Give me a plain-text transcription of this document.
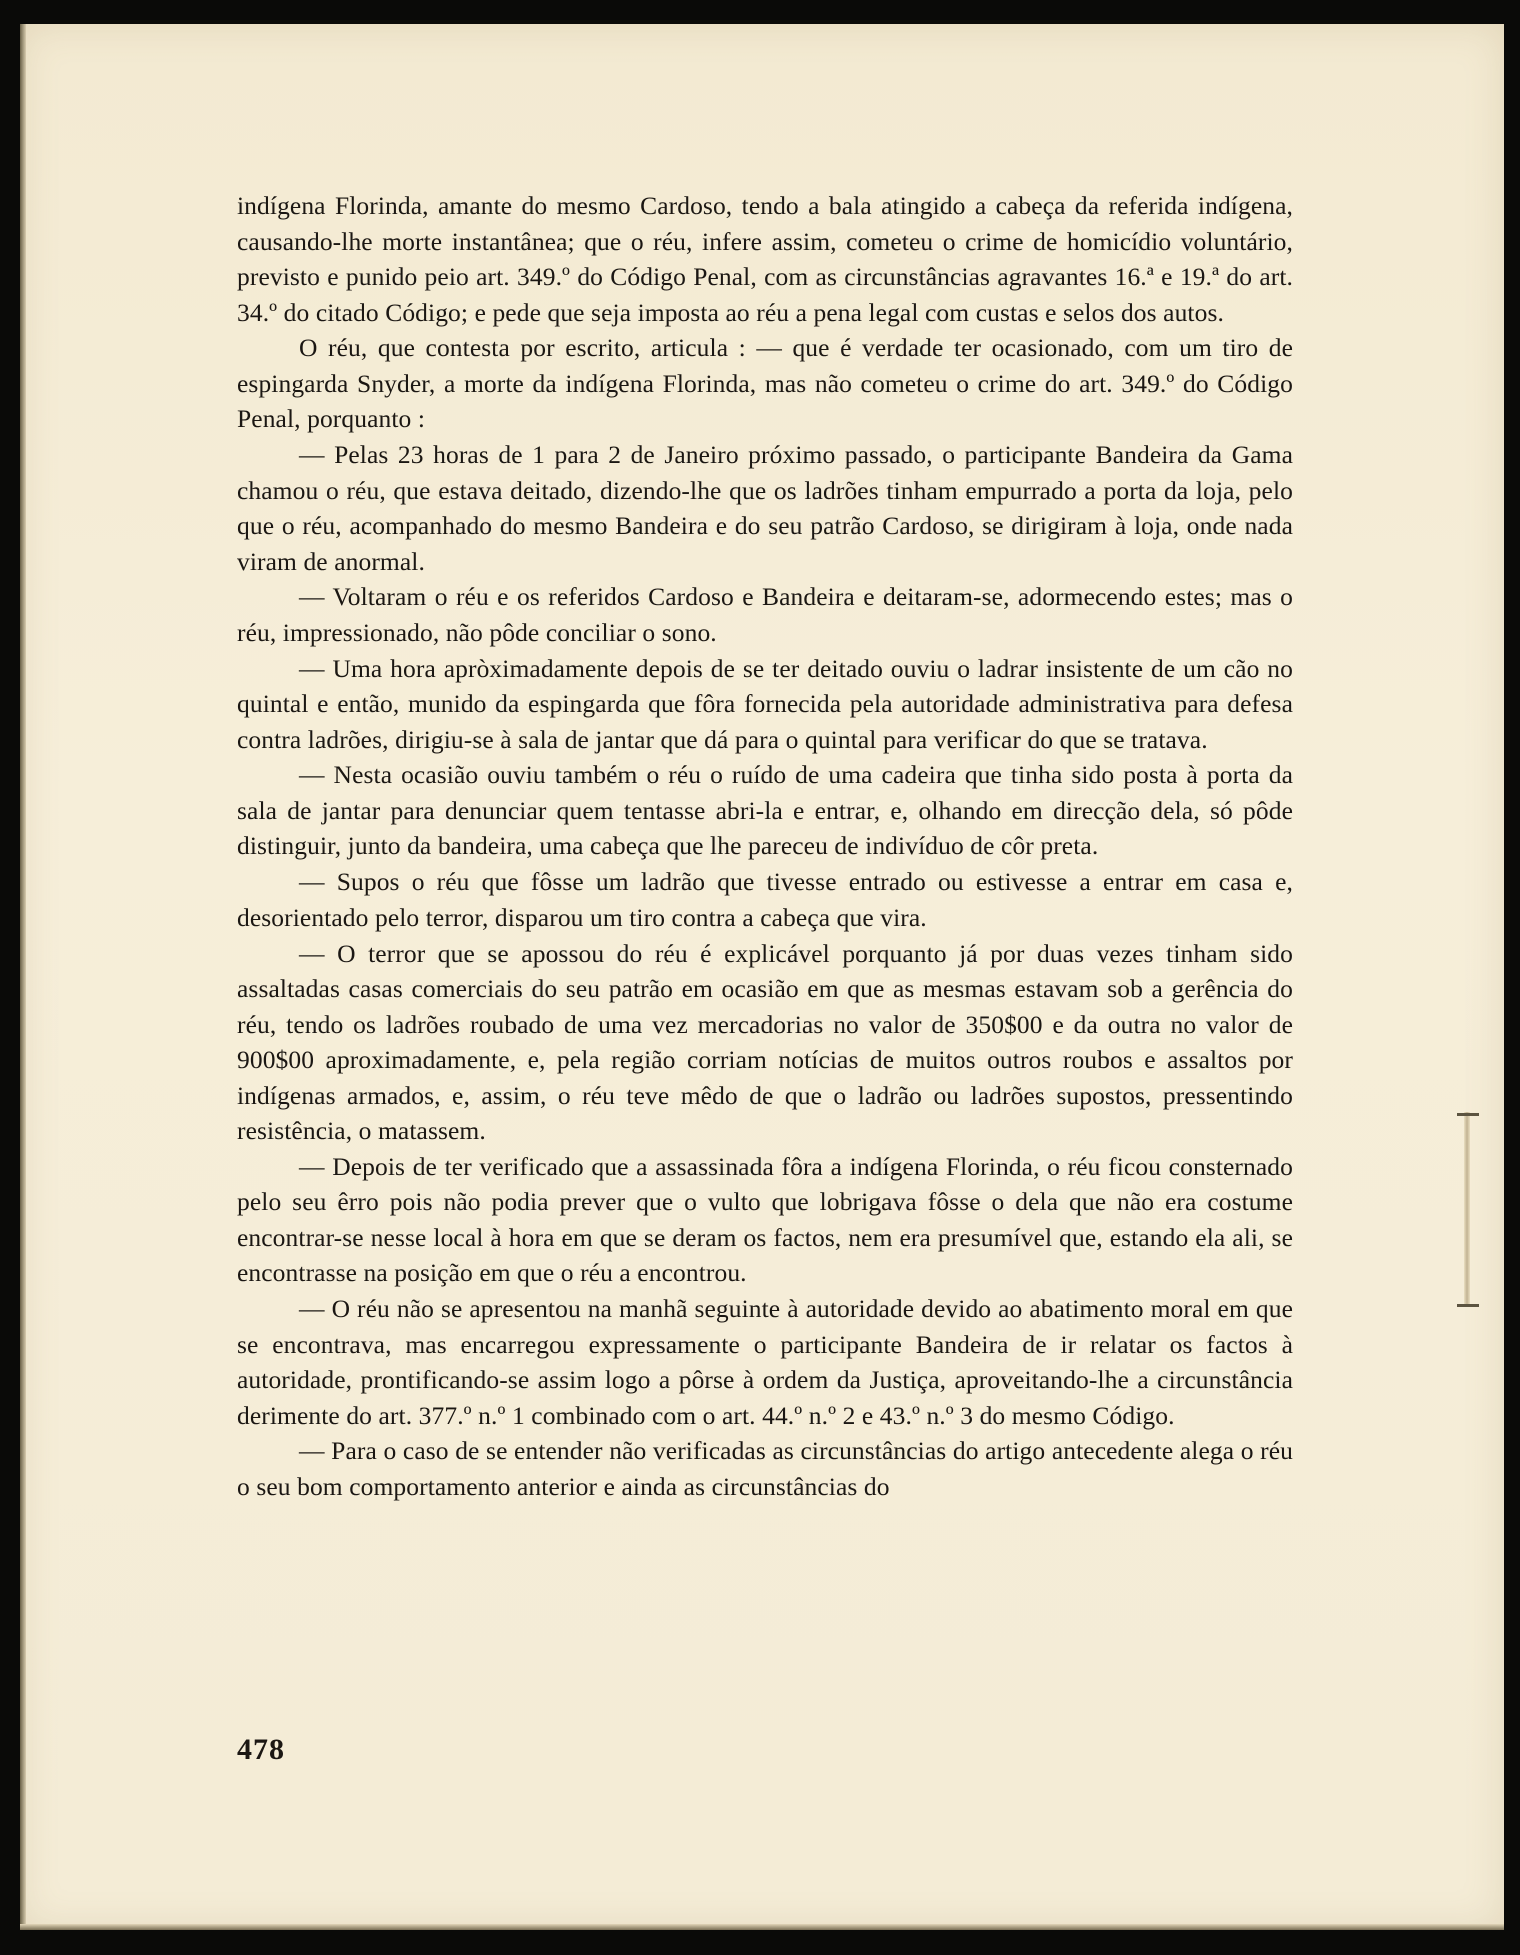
indígena Florinda, amante do mesmo Cardoso, tendo a bala atingido a cabeça da referida indígena, causando-lhe morte instantânea; que o réu, infere assim, cometeu o crime de homicídio voluntário, previsto e punido peio art. 349.º do Código Penal, com as circunstâncias agravantes 16.ª e 19.ª do art. 34.º do citado Código; e pede que seja imposta ao réu a pena legal com custas e selos dos autos.

O réu, que contesta por escrito, articula : — que é verdade ter ocasionado, com um tiro de espingarda Snyder, a morte da indígena Florinda, mas não cometeu o crime do art. 349.º do Código Penal, porquanto :

— Pelas 23 horas de 1 para 2 de Janeiro próximo passado, o participante Bandeira da Gama chamou o réu, que estava deitado, dizendo-lhe que os ladrões tinham empurrado a porta da loja, pelo que o réu, acompanhado do mesmo Bandeira e do seu patrão Cardoso, se dirigiram à loja, onde nada viram de anormal.

— Voltaram o réu e os referidos Cardoso e Bandeira e deitaram-se, adormecendo estes; mas o réu, impressionado, não pôde conciliar o sono.

— Uma hora apròximadamente depois de se ter deitado ouviu o ladrar insistente de um cão no quintal e então, munido da espingarda que fôra fornecida pela autoridade administrativa para defesa contra ladrões, dirigiu-se à sala de jantar que dá para o quintal para verificar do que se tratava.

— Nesta ocasião ouviu também o réu o ruído de uma cadeira que tinha sido posta à porta da sala de jantar para denunciar quem tentasse abri-la e entrar, e, olhando em direcção dela, só pôde distinguir, junto da bandeira, uma cabeça que lhe pareceu de indivíduo de côr preta.

— Supos o réu que fôsse um ladrão que tivesse entrado ou estivesse a entrar em casa e, desorientado pelo terror, disparou um tiro contra a cabeça que vira.

— O terror que se apossou do réu é explicável porquanto já por duas vezes tinham sido assaltadas casas comerciais do seu patrão em ocasião em que as mesmas estavam sob a gerência do réu, tendo os ladrões roubado de uma vez mercadorias no valor de 350$00 e da outra no valor de 900$00 aproximadamente, e, pela região corriam notícias de muitos outros roubos e assaltos por indígenas armados, e, assim, o réu teve mêdo de que o ladrão ou ladrões supostos, pressentindo resistência, o matassem.

— Depois de ter verificado que a assassinada fôra a indígena Florinda, o réu ficou consternado pelo seu êrro pois não podia prever que o vulto que lobrigava fôsse o dela que não era costume encontrar-se nesse local à hora em que se deram os factos, nem era presumível que, estando ela ali, se encontrasse na posição em que o réu a encontrou.

— O réu não se apresentou na manhã seguinte à autoridade devido ao abatimento moral em que se encontrava, mas encarregou expressamente o participante Bandeira de ir relatar os factos à autoridade, prontificando-se assim logo a pôrse à ordem da Justiça, aproveitando-lhe a circunstância derimente do art. 377.º n.º 1 combinado com o art. 44.º n.º 2 e 43.º n.º 3 do mesmo Código.

— Para o caso de se entender não verificadas as circunstâncias do artigo antecedente alega o réu o seu bom comportamento anterior e ainda as circunstâncias do

478
